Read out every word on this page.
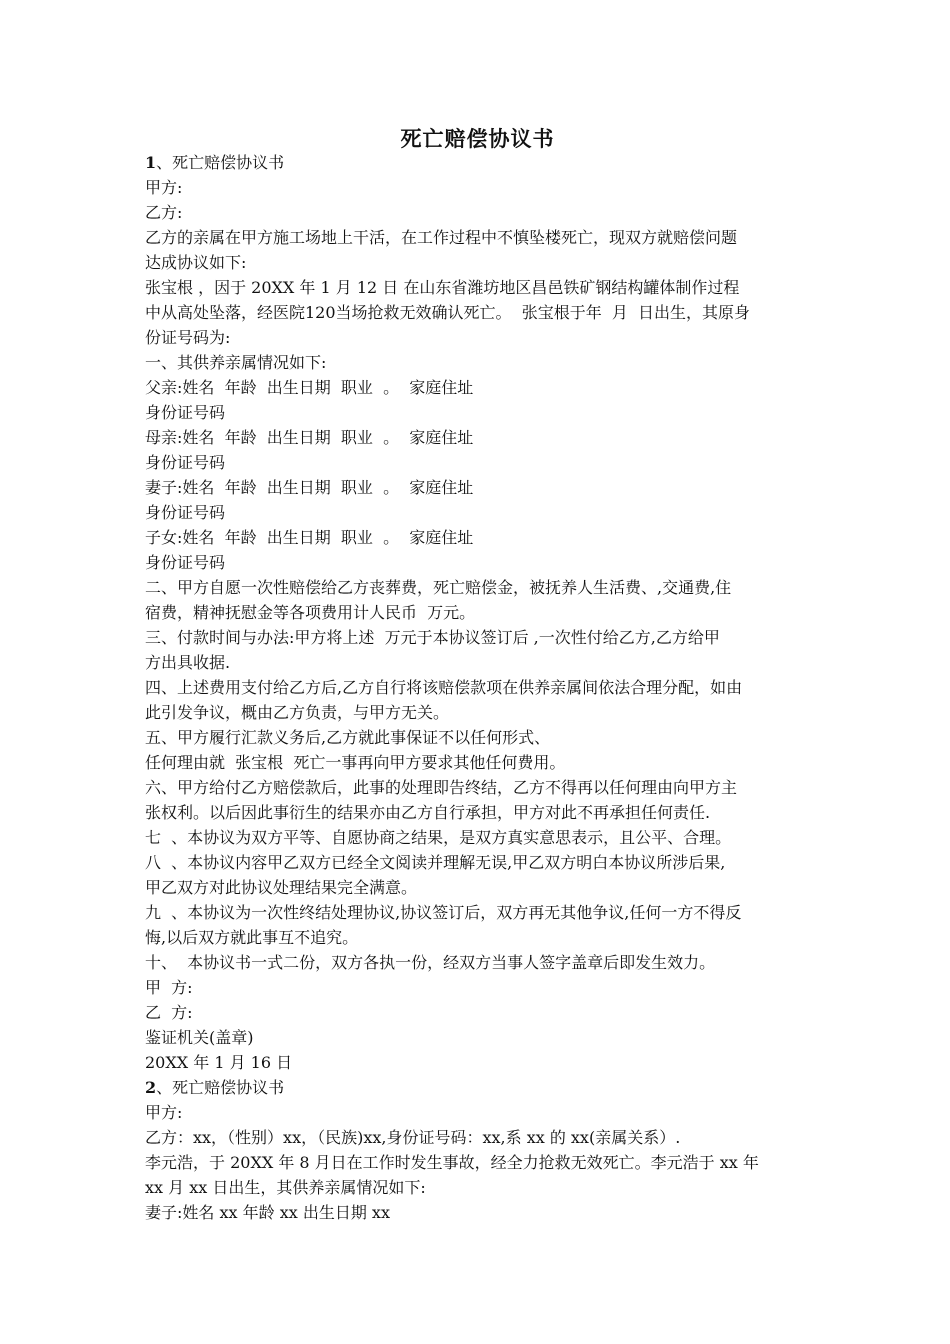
死亡赔偿协议书
1、死亡赔偿协议书
甲方:
乙方:
乙方的亲属在甲方施工场地上干活，在工作过程中不慎坠楼死亡，现双方就赔偿问题
达成协议如下:
张宝根 ，因于 20XX 年 1 月 12 日 在山东省潍坊地区昌邑铁矿钢结构罐体制作过程
中从高处坠落，经医院120当场抢救无效确认死亡。  张宝根于年  月  日出生，其原身
份证号码为:
一、其供养亲属情况如下:
父亲:姓名  年龄  出生日期  职业  。  家庭住址
身份证号码
母亲:姓名  年龄  出生日期  职业  。  家庭住址
身份证号码
妻子:姓名  年龄  出生日期  职业  。  家庭住址
身份证号码
子女:姓名  年龄  出生日期  职业  。  家庭住址
身份证号码
二、甲方自愿一次性赔偿给乙方丧葬费，死亡赔偿金，被抚养人生活费、,交通费,住
宿费，精神抚慰金等各项费用计人民币  万元。
三、付款时间与办法:甲方将上述  万元于本协议签订后 ,一次性付给乙方,乙方给甲
方出具收据.
四、上述费用支付给乙方后,乙方自行将该赔偿款项在供养亲属间依法合理分配，如由
此引发争议，概由乙方负责，与甲方无关。
五、甲方履行汇款义务后,乙方就此事保证不以任何形式、
任何理由就  张宝根  死亡一事再向甲方要求其他任何费用。
六、甲方给付乙方赔偿款后，此事的处理即告终结，乙方不得再以任何理由向甲方主
张权利。以后因此事衍生的结果亦由乙方自行承担，甲方对此不再承担任何责任.
七  、本协议为双方平等、自愿协商之结果，是双方真实意思表示，且公平、合理。
八  、本协议内容甲乙双方已经全文阅读并理解无误,甲乙双方明白本协议所涉后果,
甲乙双方对此协议处理结果完全满意。
九  、本协议为一次性终结处理协议,协议签订后，双方再无其他争议,任何一方不得反
悔,以后双方就此事互不追究。
十、  本协议书一式二份，双方各执一份，经双方当事人签字盖章后即发生效力。
甲  方:
乙  方:
鉴证机关(盖章)
20XX 年 1 月 16 日
2、死亡赔偿协议书
甲方:
乙方：xx，（性别）xx，（民族)xx,身份证号码：xx,系 xx 的 xx(亲属关系）.
李元浩，于 20XX 年 8 月日在工作时发生事故，经全力抢救无效死亡。李元浩于 xx 年
xx 月 xx 日出生，其供养亲属情况如下:
妻子:姓名 xx 年龄 xx 出生日期 xx
